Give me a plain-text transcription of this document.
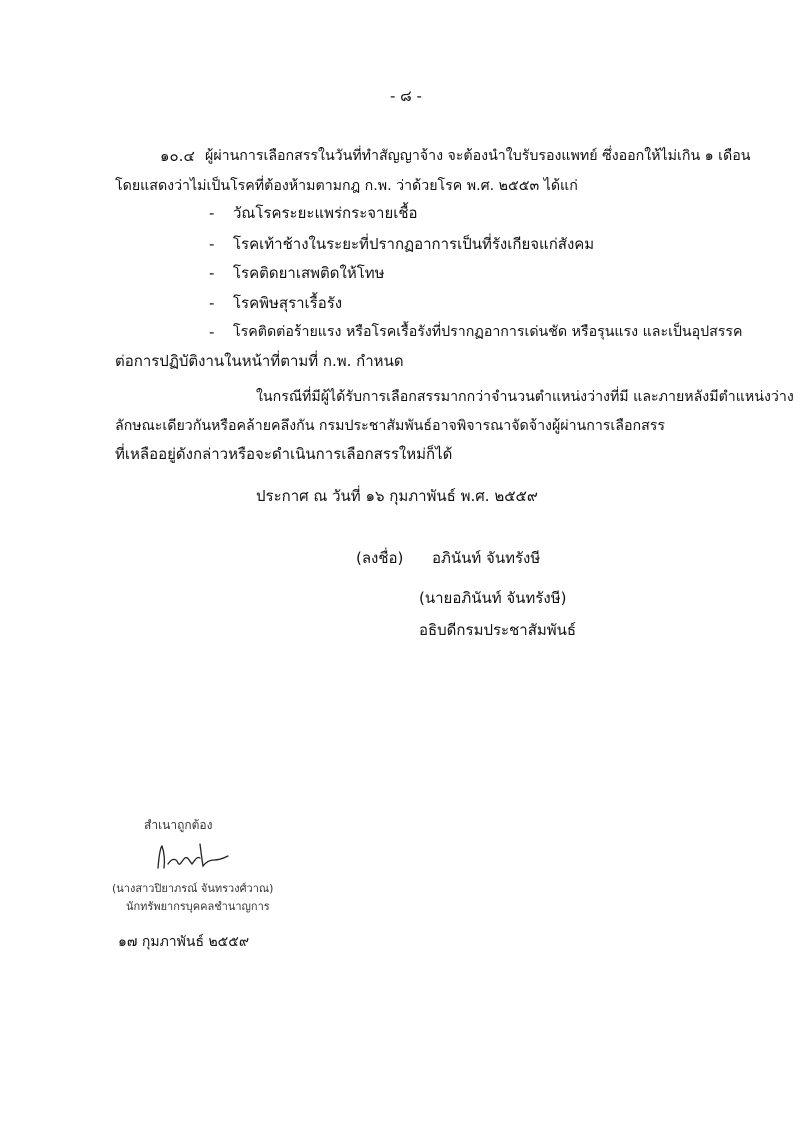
- ๘ -
๑๐.๔ ผู้ผ่านการเลือกสรรในวันที่ทำสัญญาจ้าง จะต้องนำใบรับรองแพทย์ ซึ่งออกให้ไม่เกิน ๑ เดือน
โดยแสดงว่าไม่เป็นโรคที่ต้องห้ามตามกฎ ก.พ. ว่าด้วยโรค พ.ศ. ๒๕๕๓ ได้แก่
- วัณโรคระยะแพร่กระจายเชื้อ
- โรคเท้าช้างในระยะที่ปรากฏอาการเป็นที่รังเกียจแก่สังคม
- โรคติดยาเสพติดให้โทษ
- โรคพิษสุราเรื้อรัง
- โรคติดต่อร้ายแรง หรือโรคเรื้อรังที่ปรากฏอาการเด่นชัด หรือรุนแรง และเป็นอุปสรรค
ต่อการปฏิบัติงานในหน้าที่ตามที่ ก.พ. กำหนด
ในกรณีที่มีผู้ได้รับการเลือกสรรมากกว่าจำนวนตำแหน่งว่างที่มี และภายหลังมีตำแหน่งว่าง
ลักษณะเดียวกันหรือคล้ายคลึงกัน กรมประชาสัมพันธ์อาจพิจารณาจัดจ้างผู้ผ่านการเลือกสรร
ที่เหลืออยู่ดังกล่าวหรือจะดำเนินการเลือกสรรใหม่ก็ได้
ประกาศ ณ วันที่ ๑๖ กุมภาพันธ์ พ.ศ. ๒๕๕๙
(ลงชื่อ) อภินันท์ จันทรังษี
(นายอภินันท์ จันทรังษี)
อธิบดีกรมประชาสัมพันธ์
สำเนาถูกต้อง
(นางสาวปิยาภรณ์ จันทรวงศ์วาณ)
นักทรัพยากรบุคคลชำนาญการ
๑๗ กุมภาพันธ์ ๒๕๕๙
